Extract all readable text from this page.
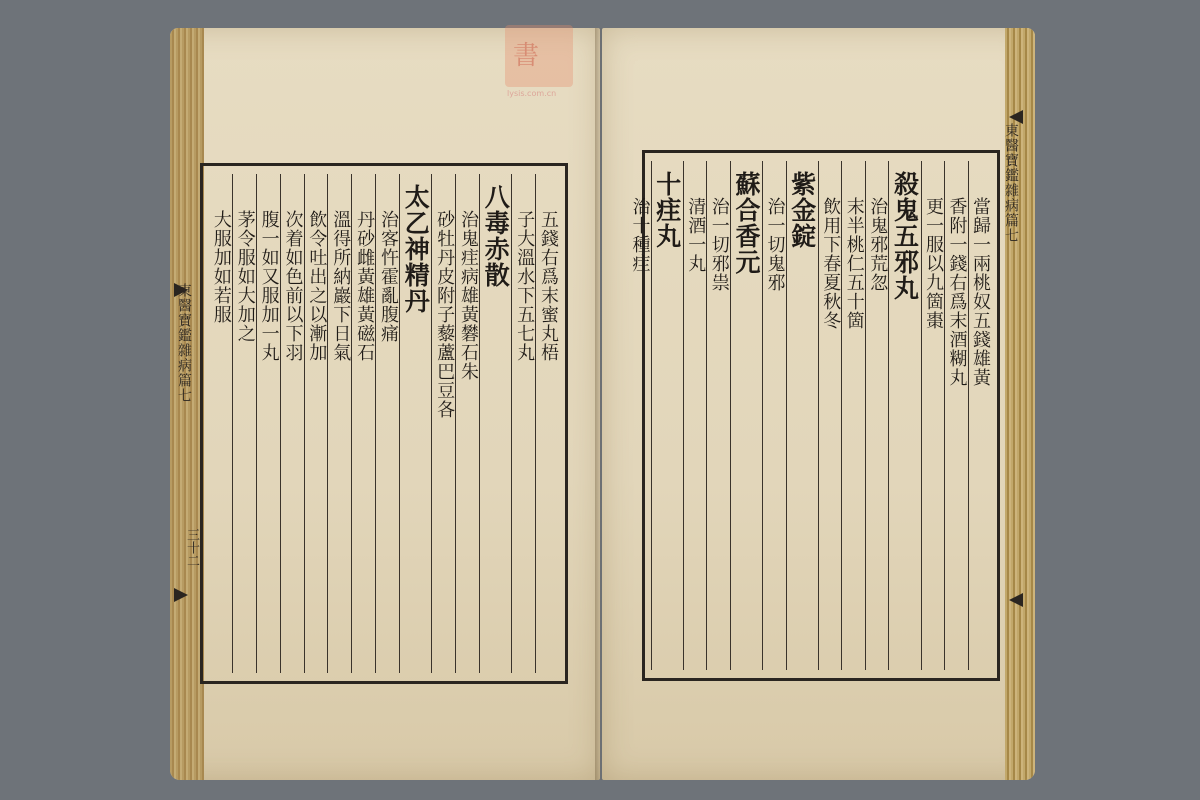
東醫寶鑑雜病篇七
三十二
五錢右爲末蜜丸梧
子大溫水下五七丸
八毒赤散
治鬼疰病雄黃礬石朱
砂牡丹皮附子藜蘆巴豆各
太乙神精丹
治客忤霍亂腹痛
丹砂雌黃雄黃磁石
溫得所納巖下日氣
飲令吐出之以漸加
次着如色前以下羽
腹一如又服加一丸
茅令服如大加之
大服加如若服
東醫寶鑑雜病篇七
當歸一兩桃奴五錢雄黃
香附一錢右爲末酒糊丸
更一服以九箇棗
殺鬼五邪丸
治鬼邪荒忽
末半桃仁五十箇
飲用下春夏秋冬
紫金錠
治一切鬼邪
蘇合香元
治一切邪祟
清酒一丸
十疰丸
治十種疰
書
lysis.com.cn
